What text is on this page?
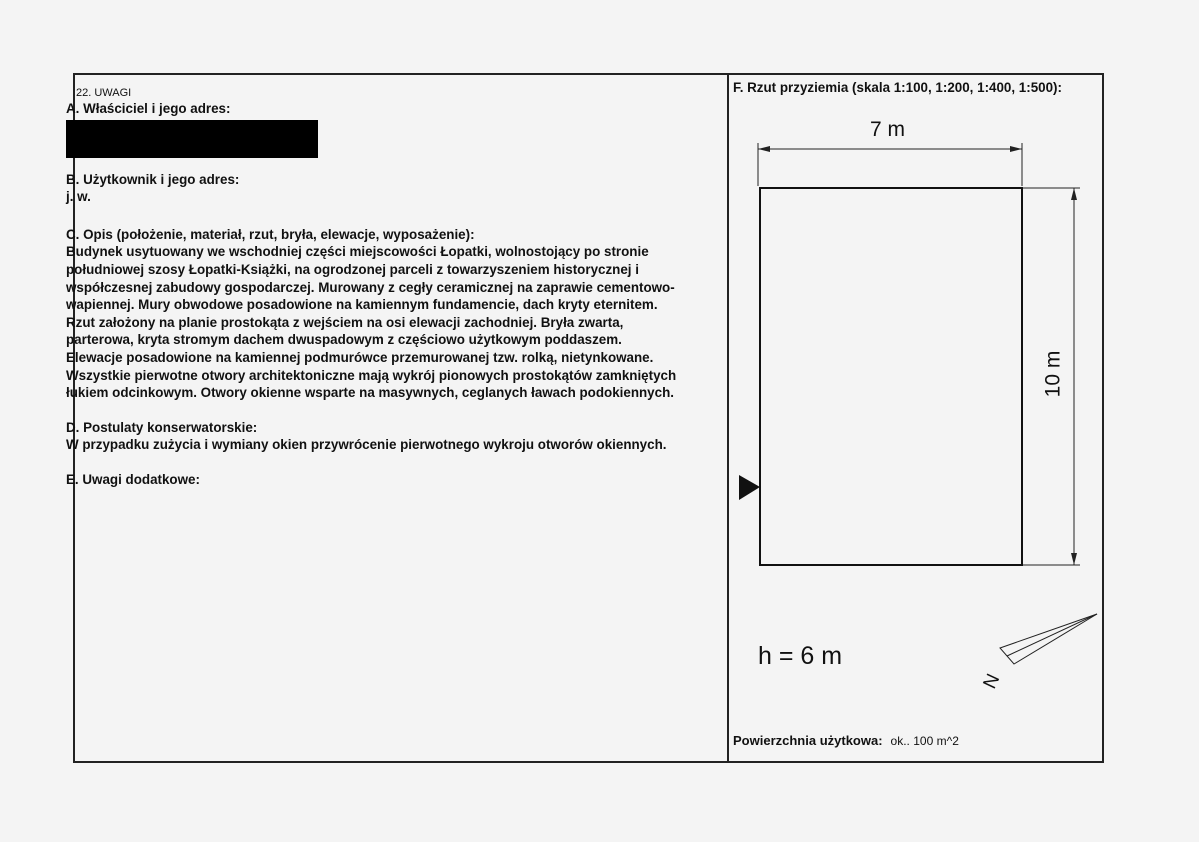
22. UWAGI
A. Właściciel i jego adres:
B. Użytkownik i jego adres:
j. w.
C. Opis (położenie, materiał, rzut, bryła, elewacje, wyposażenie):
Budynek usytuowany we wschodniej części miejscowości Łopatki, wolnostojący po stronie
południowej szosy Łopatki-Książki, na ogrodzonej parceli z towarzyszeniem historycznej i
współczesnej zabudowy gospodarczej. Murowany z cegły ceramicznej na zaprawie cementowo-
wapiennej. Mury obwodowe posadowione na kamiennym fundamencie, dach kryty eternitem.
Rzut założony na planie prostokąta z wejściem na osi elewacji zachodniej. Bryła zwarta,
parterowa, kryta stromym dachem dwuspadowym z częściowo użytkowym poddaszem.
Elewacje posadowione na kamiennej podmurówce przemurowanej tzw. rolką, nietynkowane.
Wszystkie pierwotne otwory architektoniczne mają wykrój pionowych prostokątów zamkniętych
łukiem odcinkowym. Otwory okienne wsparte na masywnych, ceglanych ławach podokiennych.
D. Postulaty konserwatorskie:
W przypadku zużycia i wymiany okien przywrócenie pierwotnego wykroju otworów okiennych.
E. Uwagi dodatkowe:
F. Rzut przyziemia (skala 1:100, 1:200, 1:400, 1:500):
N
7 m
10 m
h = 6 m
Powierzchnia użytkowa: ok.. 100 m^2
